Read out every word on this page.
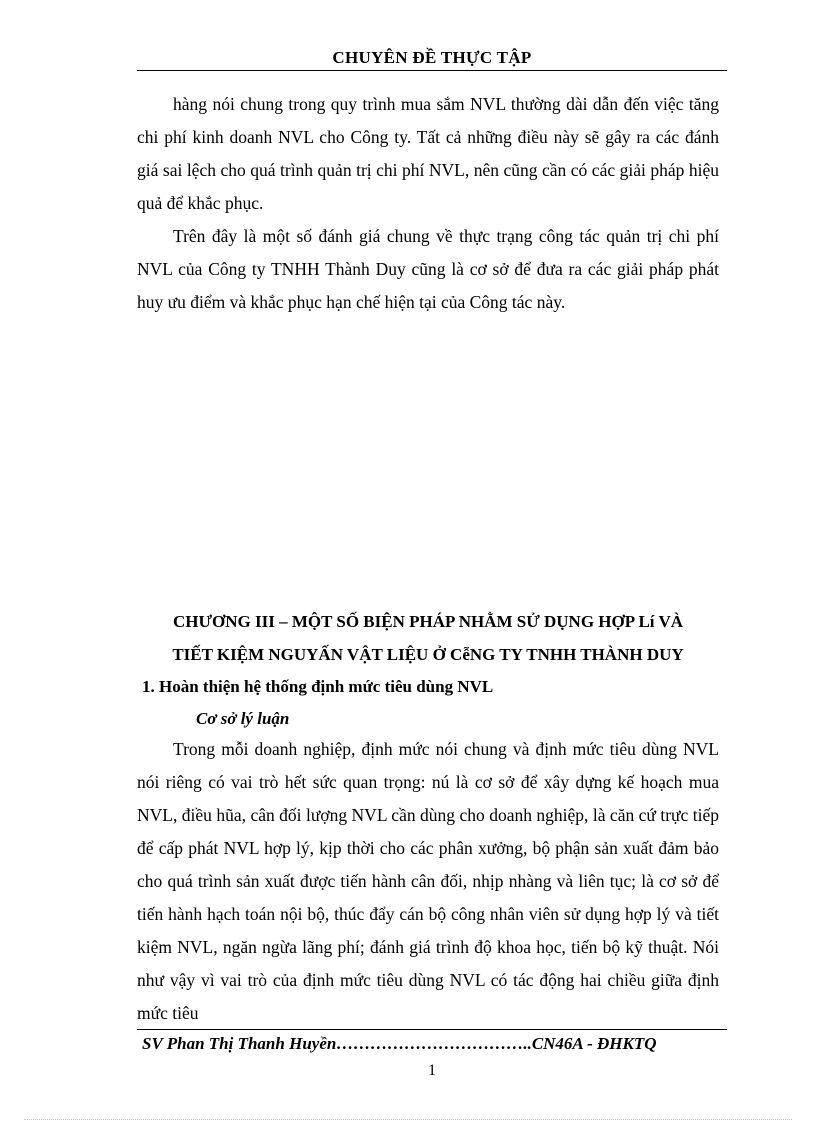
CHUYÊN ĐỀ THỰC TẬP

hàng nói chung trong quy trình mua sắm NVL thường dài dẫn đến việc tăng chi phí kinh doanh NVL cho Công ty. Tất cả những điều này sẽ gây ra các đánh giá sai lệch cho quá trình quản trị chi phí NVL, nên cũng cần có các giải pháp hiệu quả để khắc phục.

Trên đây là một số đánh giá chung về thực trạng công tác quản trị chi phí NVL của Công ty TNHH Thành Duy cũng là cơ sở để đưa ra các giải pháp phát huy ưu điểm và khắc phục hạn chế hiện tại của Công tác này.

CHƯƠNG III – MỘT SỐ BIỆN PHÁP NHẰM SỬ DỤNG HỢP Lí VÀ
TIẾT KIỆM NGUYẤN VẬT LIỆU Ở CễNG TY TNHH THÀNH DUY
1. Hoàn thiện hệ thống định mức tiêu dùng NVL
Cơ sở lý luận

Trong mỗi doanh nghiệp, định mức nói chung và định mức tiêu dùng NVL nói riêng có vai trò hết sức quan trọng: nú là cơ sở để xây dựng kế hoạch mua NVL, điều hũa, cân đối lượng NVL cần dùng cho doanh nghiệp, là căn cứ trực tiếp để cấp phát NVL hợp lý, kịp thời cho các phân xưởng, bộ phận sản xuất đảm bảo cho quá trình sản xuất được tiến hành cân đối, nhịp nhàng và liên tục; là cơ sở để tiến hành hạch toán nội bộ, thúc đẩy cán bộ công nhân viên sử dụng hợp lý và tiết kiệm NVL, ngăn ngừa lãng phí; đánh giá trình độ khoa học, tiến bộ kỹ thuật. Nói như vậy vì vai trò của định mức tiêu dùng NVL có tác động hai chiều giữa định mức tiêu

SV Phan Thị Thanh Huyền……………………………..CN46A - ĐHKTQ
1
